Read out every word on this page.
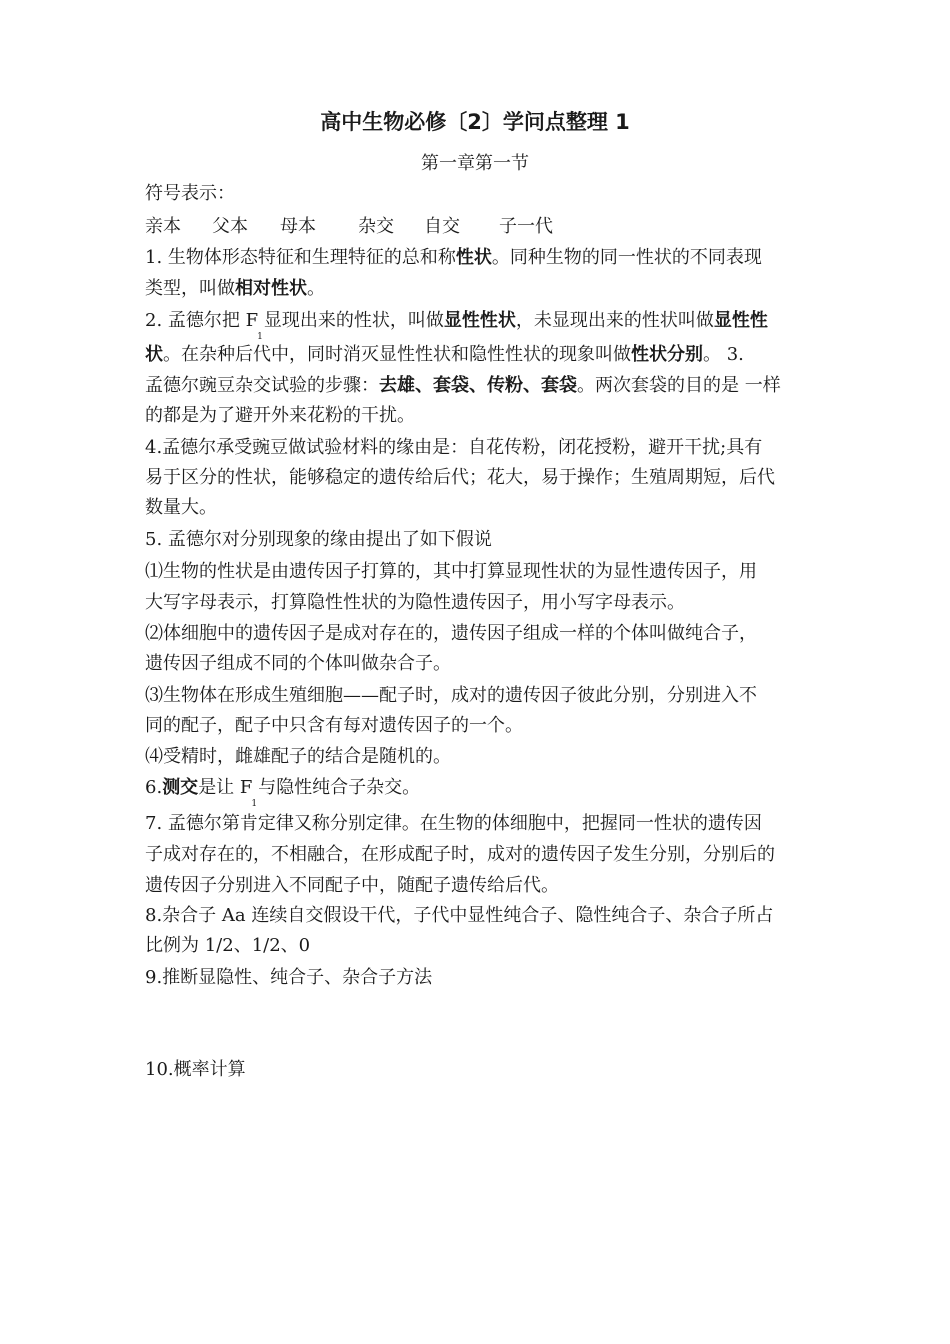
高中生物必修〔2〕学问点整理 1
第一章第一节
符号表示：
亲本 父本 母本 杂交 自交 子一代
1. 生物体形态特征和生理特征的总和称性状。同种生物的同一性状的不同表现
类型，叫做相对性状。
2. 孟德尔把 $F_1$显现出来的性状，叫做显性性状，未显现出来的性状叫做显性性
状。在杂种后代中，同时消灭显性性状和隐性性状的现象叫做性状分别。 3.
孟德尔豌豆杂交试验的步骤：去雄、套袋、传粉、套袋。两次套袋的目的是 一样
的都是为了避开外来花粉的干扰。
4.孟德尔承受豌豆做试验材料的缘由是：自花传粉，闭花授粉，避开干扰;具有
易于区分的性状，能够稳定的遗传给后代；花大，易于操作；生殖周期短，后代
数量大。
5. 孟德尔对分别现象的缘由提出了如下假说
⑴生物的性状是由遗传因子打算的，其中打算显现性状的为显性遗传因子，用
大写字母表示，打算隐性性状的为隐性遗传因子，用小写字母表示。
⑵体细胞中的遗传因子是成对存在的，遗传因子组成一样的个体叫做纯合子，
遗传因子组成不同的个体叫做杂合子。
⑶生物体在形成生殖细胞——配子时，成对的遗传因子彼此分别，分别进入不
同的配子，配子中只含有每对遗传因子的一个。
⑷受精时，雌雄配子的结合是随机的。
6.测交是让 $F_1$与隐性纯合子杂交。
7. 孟德尔第肯定律又称分别定律。在生物的体细胞中，把握同一性状的遗传因
子成对存在的，不相融合，在形成配子时，成对的遗传因子发生分别，分别后的
遗传因子分别进入不同配子中，随配子遗传给后代。
8.杂合子 Aa 连续自交假设干代，子代中显性纯合子、隐性纯合子、杂合子所占
比例为 1/2、1/2、0
9.推断显隐性、纯合子、杂合子方法
10.概率计算
